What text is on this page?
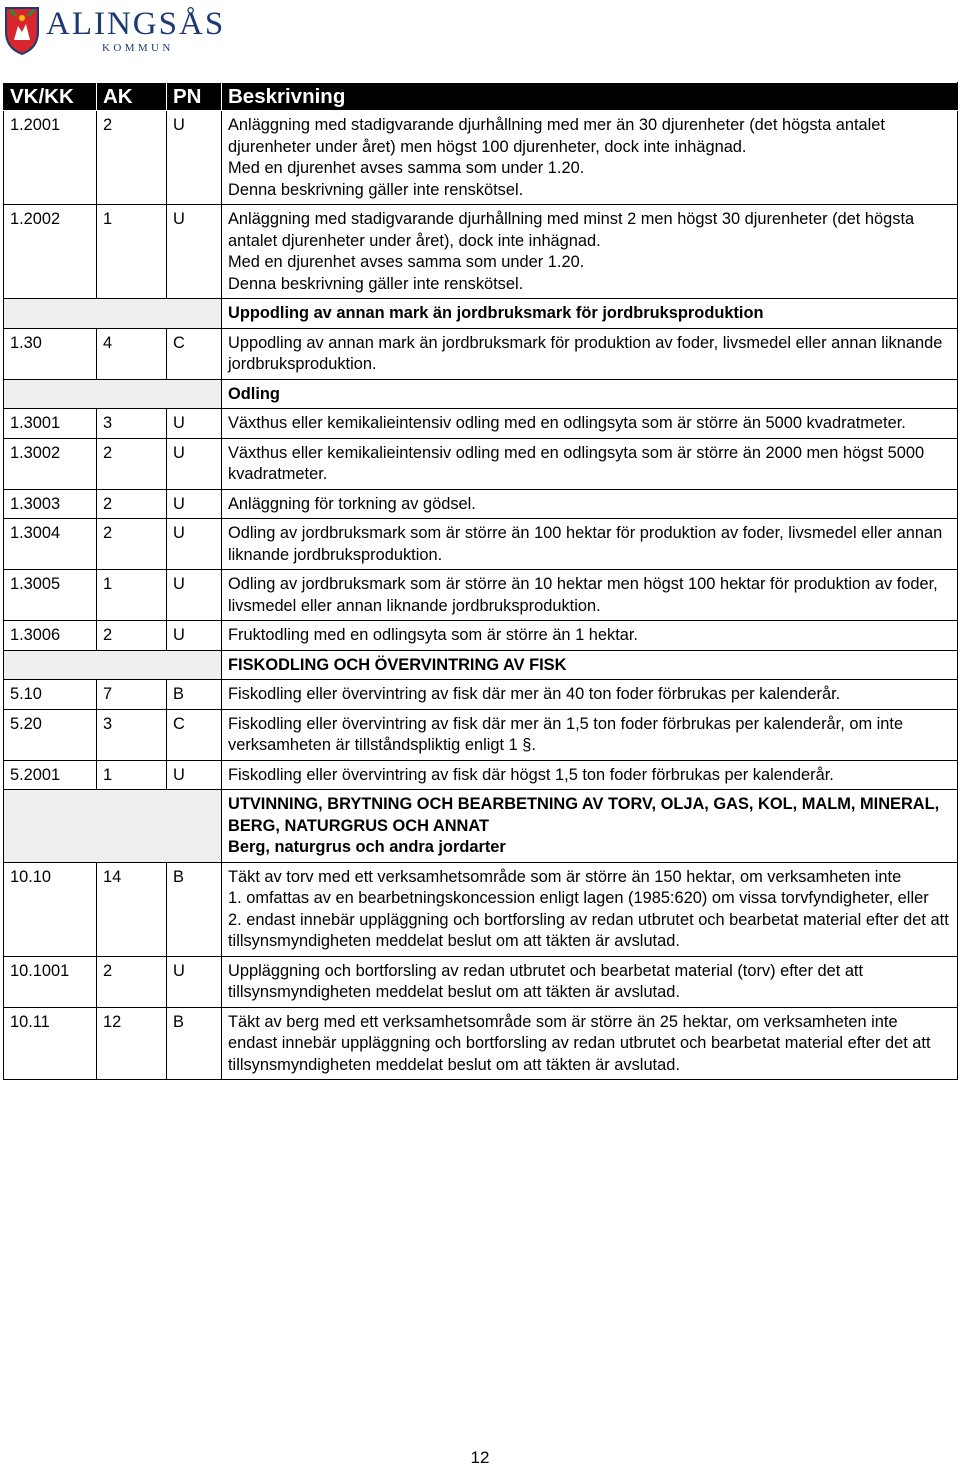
ALINGSÅS
KOMMUN
VK/KK	AK	PN	Beskrivning
1.2001	2	U	Anläggning med stadigvarande djurhållning med mer än 30 djurenheter (det högsta antalet djurenheter under året) men högst 100 djurenheter, dock inte inhägnad.
Med en djurenhet avses samma som under 1.20.
Denna beskrivning gäller inte renskötsel.

1.2002	1	U	Anläggning med stadigvarande djurhållning med minst 2 men högst 30 djurenheter (det högsta antalet djurenheter under året), dock inte inhägnad.
Med en djurenhet avses samma som under 1.20.
Denna beskrivning gäller inte renskötsel.

			Uppodling av annan mark än jordbruksmark för jordbruksproduktion

1.30	4	C	Uppodling av annan mark än jordbruksmark för produktion av foder, livsmedel eller annan liknande jordbruksproduktion.

			Odling

1.3001	3	U	Växthus eller kemikalieintensiv odling med en odlingsyta som är större än 5000 kvadratmeter.

1.3002	2	U	Växthus eller kemikalieintensiv odling med en odlingsyta som är större än 2000 men högst 5000 kvadratmeter.

1.3003	2	U	Anläggning för torkning av gödsel.

1.3004	2	U	Odling av jordbruksmark som är större än 100 hektar för produktion av foder, livsmedel eller annan liknande jordbruksproduktion.

1.3005	1	U	Odling av jordbruksmark som är större än 10 hektar men högst 100 hektar för produktion av foder, livsmedel eller annan liknande jordbruksproduktion.

1.3006	2	U	Fruktodling med en odlingsyta som är större än 1 hektar.

			FISKODLING OCH ÖVERVINTRING AV FISK

5.10	7	B	Fiskodling eller övervintring av fisk där mer än 40 ton foder förbrukas per kalenderår.

5.20	3	C	Fiskodling eller övervintring av fisk där mer än 1,5 ton foder förbrukas per kalenderår, om inte verksamheten är tillståndspliktig enligt 1 §.

5.2001	1	U	Fiskodling eller övervintring av fisk där högst 1,5 ton foder förbrukas per kalenderår.

			UTVINNING, BRYTNING OCH BEARBETNING AV TORV, OLJA, GAS, KOL, MALM, MINERAL, BERG, NATURGRUS OCH ANNAT
Berg, naturgrus och andra jordarter

10.10	14	B	Täkt av torv med ett verksamhetsområde som är större än 150 hektar, om verksamheten inte
1. omfattas av en bearbetningskoncession enligt lagen (1985:620) om vissa torvfyndigheter, eller
2. endast innebär uppläggning och bortforsling av redan utbrutet och bearbetat material efter det att tillsynsmyndigheten meddelat beslut om att täkten är avslutad.

10.1001	2	U	Uppläggning och bortforsling av redan utbrutet och bearbetat material (torv) efter det att tillsynsmyndigheten meddelat beslut om att täkten är avslutad.

10.11	12	B	Täkt av berg med ett verksamhetsområde som är större än 25 hektar, om verksamheten inte endast innebär uppläggning och bortforsling av redan utbrutet och bearbetat material efter det att tillsynsmyndigheten meddelat beslut om att täkten är avslutad.
12
